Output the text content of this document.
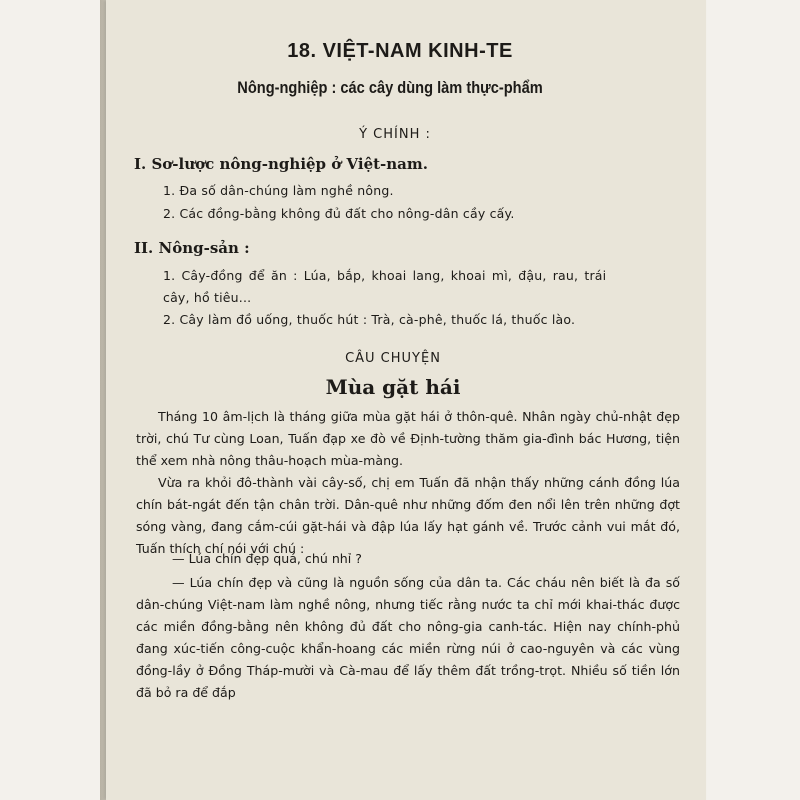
18. VIỆT-NAM KINH-TE
Nông-nghiệp : các cây dùng làm thực-phẩm
Ý CHÍNH :
I. Sơ-lược nông-nghiệp ở Việt-nam.
1. Đa số dân-chúng làm nghề nông.
2. Các đồng-bằng không đủ đất cho nông-dân cầy cấy.
II. Nông-sản :
1. Cây-đồng để ăn : Lúa, bắp, khoai lang, khoai mì, đậu, rau, trái
cây, hồ tiêu...
2. Cây làm đồ uống, thuốc hút : Trà, cà-phê, thuốc lá, thuốc lào.
CÂU CHUYỆN
Mùa gặt hái
Tháng 10 âm-lịch là tháng giữa mùa gặt hái ở thôn-quê. Nhân ngày chủ-nhật đẹp trời, chú Tư cùng Loan, Tuấn đạp xe đò về Định-tường thăm gia-đình bác Hương, tiện thể xem nhà nông thâu-hoạch mùa-màng.
Vừa ra khỏi đô-thành vài cây-số, chị em Tuấn đã nhận thấy những cánh đồng lúa chín bát-ngát đến tận chân trời. Dân-quê như những đốm đen nổi lên trên những đợt sóng vàng, đang cắm-cúi gặt-hái và đập lúa lấy hạt gánh về. Trước cảnh vui mắt đó, Tuấn thích chí nói với chú :
— Lúa chín đẹp quá, chú nhỉ ?
— Lúa chín đẹp và cũng là nguồn sống của dân ta. Các cháu nên biết là đa số dân-chúng Việt-nam làm nghề nông, nhưng tiếc rằng nước ta chỉ mới khai-thác được các miền đồng-bằng nên không đủ đất cho nông-gia canh-tác. Hiện nay chính-phủ đang xúc-tiến công-cuộc khẩn-hoang các miền rừng núi ở cao-nguyên và các vùng đồng-lầy ở Đồng Tháp-mười và Cà-mau để lấy thêm đất trồng-trọt. Nhiều số tiền lớn đã bỏ ra để đắp
